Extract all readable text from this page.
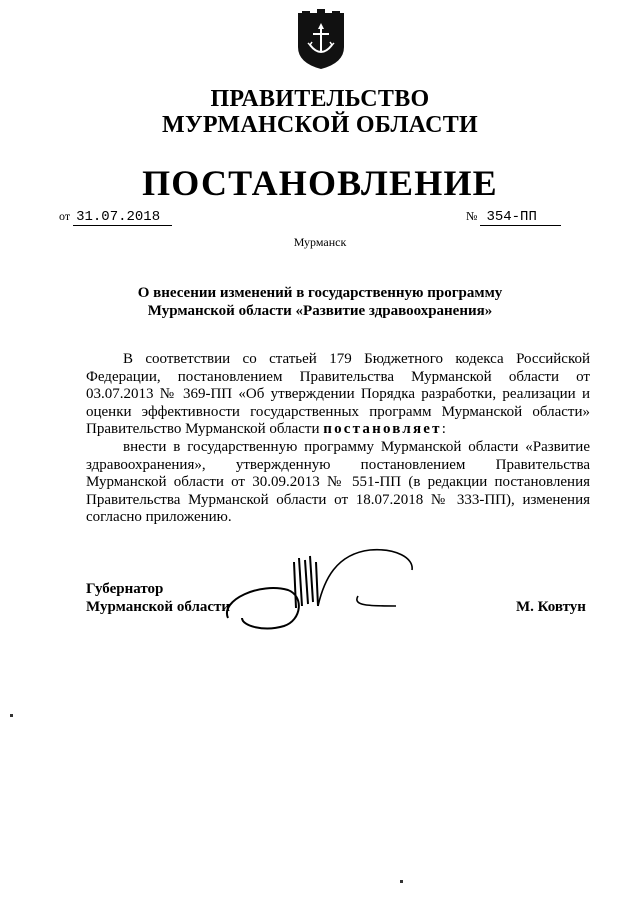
ПРАВИТЕЛЬСТВО
МУРМАНСКОЙ ОБЛАСТИ
ПОСТАНОВЛЕНИЕ
от 31.07.2018	№ 354-ПП
Мурманск
О внесении изменений в государственную программу
Мурманской области «Развитие здравоохранения»
В соответствии со статьей 179 Бюджетного кодекса Российской Федерации, постановлением Правительства Мурманской области от 03.07.2013 № 369-ПП «Об утверждении Порядка разработки, реализации и оценки эффективности государственных программ Мурманской области» Правительство Мурманской области постановляет:
внести в государственную программу Мурманской области «Развитие здравоохранения», утвержденную постановлением Правительства Мурманской области от 30.09.2013 № 551-ПП (в редакции постановления Правительства Мурманской области от 18.07.2018 № 333-ПП), изменения согласно приложению.
Губернатор
Мурманской области	М. Ковтун
